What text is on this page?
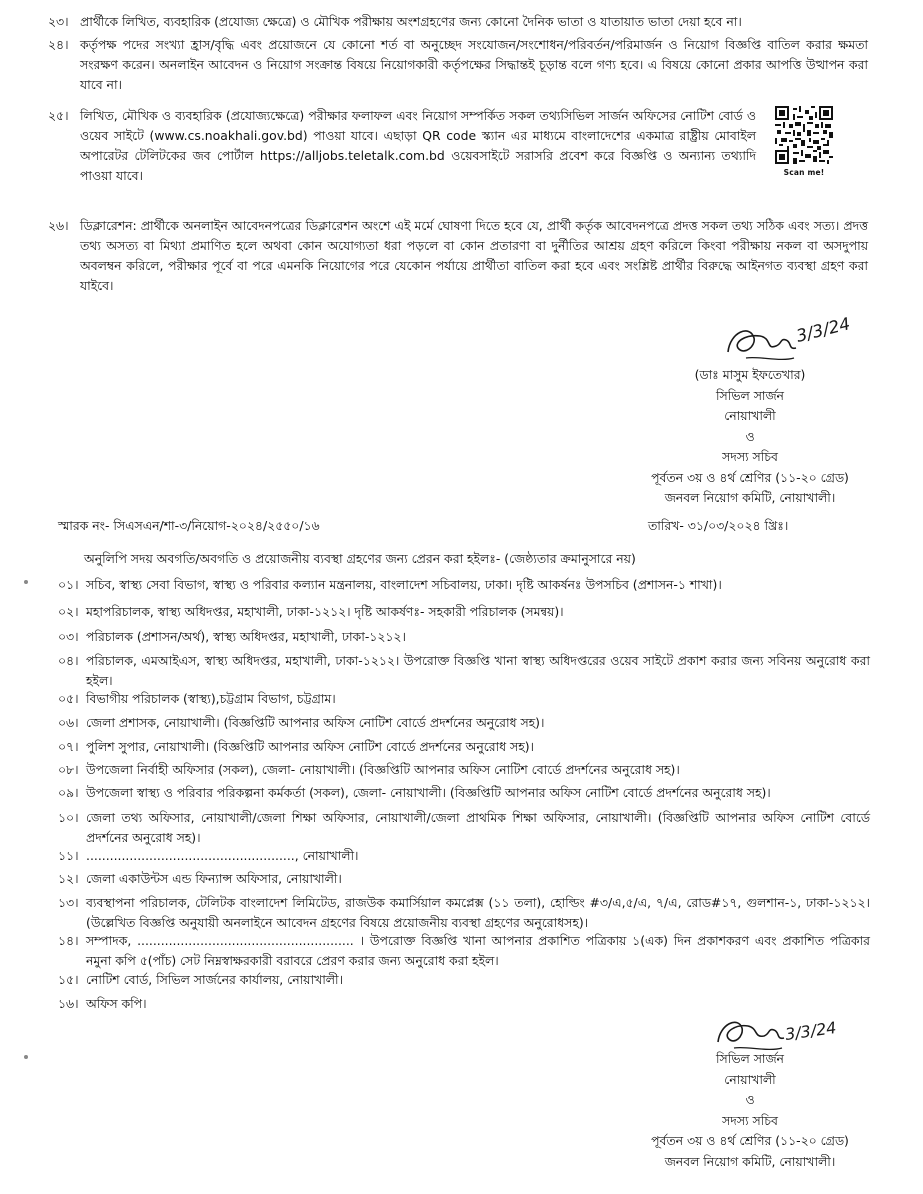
২৩। প্রার্থীকে লিখিত, ব্যবহারিক (প্রযোজ্য ক্ষেত্রে) ও মৌখিক পরীক্ষায় অংশগ্রহণের জন্য কোনো দৈনিক ভাতা ও যাতায়াত ভাতা দেয়া হবে না।
২৪। কর্তৃপক্ষ পদের সংখ্যা হ্রাস/বৃদ্ধি এবং প্রয়োজনে যে কোনো শর্ত বা অনুচ্ছেদ সংযোজন/সংশোধন/পরিবর্তন/পরিমার্জন ও নিয়োগ বিজ্ঞপ্তি বাতিল করার ক্ষমতা সংরক্ষণ করেন। অনলাইন আবেদন ও নিয়োগ সংক্রান্ত বিষয়ে নিয়োগকারী কর্তৃপক্ষের সিদ্ধান্তই চূড়ান্ত বলে গণ্য হবে। এ বিষয়ে কোনো প্রকার আপত্তি উত্থাপন করা যাবে না।
২৫। লিখিত, মৌখিক ও ব্যবহারিক (প্রযোজ্যক্ষেত্রে) পরীক্ষার ফলাফল এবং নিয়োগ সম্পর্কিত সকল তথ্যসিভিল সার্জন অফিসের নোটিশ বোর্ড ও ওয়েব সাইটে (www.cs.noakhali.gov.bd) পাওয়া যাবে। এছাড়া QR code স্ক্যান এর মাধ্যমে বাংলাদেশের একমাত্র রাষ্ট্রীয় মোবাইল অপারেটর টেলিটকের জব পোর্টাল https://alljobs.teletalk.com.bd ওয়েবসাইটে সরাসরি প্রবেশ করে বিজ্ঞপ্তি ও অন্যান্য তথ্যাদি পাওয়া যাবে।	Scan me!
২৬। ডিক্লারেশন: প্রার্থীকে অনলাইন আবেদনপত্রের ডিক্লারেশন অংশে এই মর্মে ঘোষণা দিতে হবে যে, প্রার্থী কর্তৃক আবেদনপত্রে প্রদত্ত সকল তথ্য সঠিক এবং সত্য। প্রদত্ত তথ্য অসত্য বা মিথ্যা প্রমাণিত হলে অথবা কোন অযোগ্যতা ধরা পড়লে বা কোন প্রতারণা বা দুর্নীতির আশ্রয় গ্রহণ করিলে কিংবা পরীক্ষায় নকল বা অসদুপায় অবলম্বন করিলে, পরীক্ষার পূর্বে বা পরে এমনকি নিয়োগের পরে যেকোন পর্যায়ে প্রার্থীতা বাতিল করা হবে এবং সংশ্লিষ্ট প্রার্থীর বিরুদ্ধে আইনগত ব্যবস্থা গ্রহণ করা যাইবে।
3/3/24
(ডাঃ মাসুম ইফতেখার)
সিভিল সার্জন
নোয়াখালী
ও
সদস্য সচিব
পূর্বতন ৩য় ও ৪র্থ শ্রেণির (১১-২০ গ্রেড)
জনবল নিয়োগ কমিটি, নোয়াখালী।
স্মারক নং- সিএসএন/শা-৩/নিয়োগ-২০২৪/২৫৫০/১৬	তারিখ- ৩১/০৩/২০২৪ খ্রিঃ।
অনুলিপি সদয় অবগতি/অবগতি ও প্রয়োজনীয় ব্যবস্থা গ্রহণের জন্য প্রেরন করা হইলঃ- (জেষ্ঠ্যতার ক্রমানুসারে নয়)
০১। সচিব, স্বাস্থ্য সেবা বিভাগ, স্বাস্থ্য ও পরিবার কল্যান মন্ত্রনালয়, বাংলাদেশ সচিবালয়, ঢাকা। দৃষ্টি আকর্ষনঃ উপসচিব (প্রশাসন-১ শাখা)।
০২। মহাপরিচালক, স্বাস্থ্য অধিদপ্তর, মহাখালী, ঢাকা-১২১২। দৃষ্টি আকর্ষণঃ- সহকারী পরিচালক (সমন্বয়)।
০৩। পরিচালক (প্রশাসন/অর্থ), স্বাস্থ্য অধিদপ্তর, মহাখালী, ঢাকা-১২১২।
০৪। পরিচালক, এমআইএস, স্বাস্থ্য অধিদপ্তর, মহাখালী, ঢাকা-১২১২। উপরোক্ত বিজ্ঞপ্তি খানা স্বাস্থ্য অধিদপ্তরের ওয়েব সাইটে প্রকাশ করার জন্য সবিনয় অনুরোধ করা হইল।
০৫। বিভাগীয় পরিচালক (স্বাস্থ্য),চট্টগ্রাম বিভাগ, চট্টগ্রাম।
০৬। জেলা প্রশাসক, নোয়াখালী। (বিজ্ঞপ্তিটি আপনার অফিস নোটিশ বোর্ডে প্রদর্শনের অনুরোধ সহ)।
০৭। পুলিশ সুপার, নোয়াখালী। (বিজ্ঞপ্তিটি আপনার অফিস নোটিশ বোর্ডে প্রদর্শনের অনুরোধ সহ)।
০৮। উপজেলা নির্বাহী অফিসার (সকল), জেলা- নোয়াখালী। (বিজ্ঞপ্তিটি আপনার অফিস নোটিশ বোর্ডে প্রদর্শনের অনুরোধ সহ)।
০৯। উপজেলা স্বাস্থ্য ও পরিবার পরিকল্পনা কর্মকর্তা (সকল), জেলা- নোয়াখালী। (বিজ্ঞপ্তিটি আপনার অফিস নোটিশ বোর্ডে প্রদর্শনের অনুরোধ সহ)।
১০। জেলা তথ্য অফিসার, নোয়াখালী/জেলা শিক্ষা অফিসার, নোয়াখালী/জেলা প্রাথমিক শিক্ষা অফিসার, নোয়াখালী। (বিজ্ঞপ্তিটি আপনার অফিস নোটিশ বোর্ডে প্রদর্শনের অনুরোধ সহ)।
১১। ....................................................., নোয়াখালী।
১২। জেলা একাউন্টস এন্ড ফিন্যান্স অফিসার, নোয়াখালী।
১৩। ব্যবস্থাপনা পরিচালক, টেলিটক বাংলাদেশ লিমিটেড, রাজউক কমার্সিয়াল কমপ্লেক্স (১১ তলা), হোল্ডিং #৩/এ,৫/এ, ৭/এ, রোড#১৭, গুলশান-১, ঢাকা-১২১২। (উল্লেখিত বিজ্ঞপ্তি অনুযায়ী অনলাইনে আবেদন গ্রহণের বিষয়ে প্রয়োজনীয় ব্যবস্থা গ্রহণের অনুরোধসহ)।
১৪। সম্পাদক, ....................................................... । উপরোক্ত বিজ্ঞপ্তি খানা আপনার প্রকাশিত পত্রিকায় ১(এক) দিন প্রকাশকরণ এবং প্রকাশিত পত্রিকার নমুনা কপি ৫(পাঁচ) সেট নিম্নস্বাক্ষরকারী বরাবরে প্রেরণ করার জন্য অনুরোধ করা হইল।
১৫। নোটিশ বোর্ড, সিভিল সার্জনের কার্যালয়, নোয়াখালী।
১৬। অফিস কপি।
3/3/24
সিভিল সার্জন
নোয়াখালী
ও
সদস্য সচিব
পূর্বতন ৩য় ও ৪র্থ শ্রেণির (১১-২০ গ্রেড)
জনবল নিয়োগ কমিটি, নোয়াখালী।
